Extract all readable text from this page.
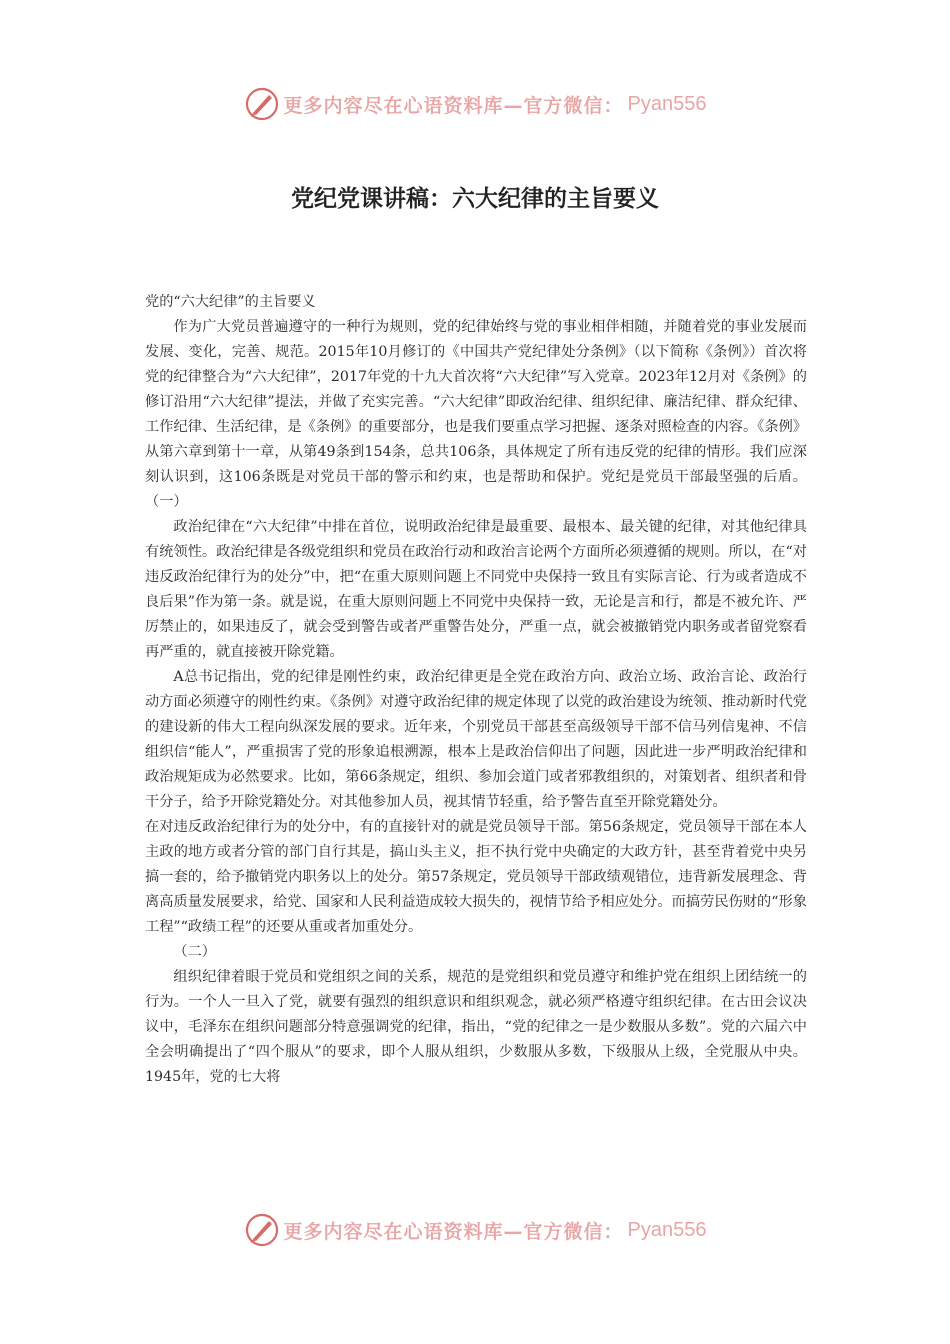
更多内容尽在心语资料库—官方微信： Pyan556
党纪党课讲稿：六大纪律的主旨要义

党的“六大纪律”的主旨要义

作为广大党员普遍遵守的一种行为规则，党的纪律始终与党的事业相伴相随，并随着党的事业发展而发展、变化，完善、规范。2015年10月修订的《中国共产党纪律处分条例》（以下简称《条例》）首次将党的纪律整合为“六大纪律”，2017年党的十九大首次将“六大纪律”写入党章。2023年12月对《条例》的修订沿用“六大纪律”提法，并做了充实完善。“六大纪律”即政治纪律、组织纪律、廉洁纪律、群众纪律、工作纪律、生活纪律，是《条例》的重要部分，也是我们要重点学习把握、逐条对照检查的内容。《条例》从第六章到第十一章，从第49条到154条，总共106条，具体规定了所有违反党的纪律的情形。我们应深刻认识到，这106条既是对党员干部的警示和约束，也是帮助和保护。党纪是党员干部最坚强的后盾。（一）

政治纪律在“六大纪律”中排在首位，说明政治纪律是最重要、最根本、最关键的纪律，对其他纪律具有统领性。政治纪律是各级党组织和党员在政治行动和政治言论两个方面所必须遵循的规则。所以，在“对违反政治纪律行为的处分”中，把“在重大原则问题上不同党中央保持一致且有实际言论、行为或者造成不良后果”作为第一条。就是说，在重大原则问题上不同党中央保持一致，无论是言和行，都是不被允许、严厉禁止的，如果违反了，就会受到警告或者严重警告处分，严重一点，就会被撤销党内职务或者留党察看再严重的，就直接被开除党籍。

A总书记指出，党的纪律是刚性约束，政治纪律更是全党在政治方向、政治立场、政治言论、政治行动方面必须遵守的刚性约束。《条例》对遵守政治纪律的规定体现了以党的政治建设为统领、推动新时代党的建设新的伟大工程向纵深发展的要求。近年来，个别党员干部甚至高级领导干部不信马列信鬼神、不信组织信“能人”，严重损害了党的形象追根溯源，根本上是政治信仰出了问题，因此进一步严明政治纪律和政治规矩成为必然要求。比如，第66条规定，组织、参加会道门或者邪教组织的，对策划者、组织者和骨干分子，给予开除党籍处分。对其他参加人员，视其情节轻重，给予警告直至开除党籍处分。

在对违反政治纪律行为的处分中，有的直接针对的就是党员领导干部。第56条规定，党员领导干部在本人主政的地方或者分管的部门自行其是，搞山头主义，拒不执行党中央确定的大政方针，甚至背着党中央另搞一套的，给予撤销党内职务以上的处分。第57条规定，党员领导干部政绩观错位，违背新发展理念、背离高质量发展要求，给党、国家和人民利益造成较大损失的，视情节给予相应处分。而搞劳民伤财的“形象工程”“政绩工程”的还要从重或者加重处分。

（二）

组织纪律着眼于党员和党组织之间的关系，规范的是党组织和党员遵守和维护党在组织上团结统一的行为。一个人一旦入了党，就要有强烈的组织意识和组织观念，就必须严格遵守组织纪律。在古田会议决议中，毛泽东在组织问题部分特意强调党的纪律，指出，“党的纪律之一是少数服从多数”。党的六届六中全会明确提出了“四个服从”的要求，即个人服从组织，少数服从多数，下级服从上级，全党服从中央。1945年，党的七大将

更多内容尽在心语资料库—官方微信： Pyan556
